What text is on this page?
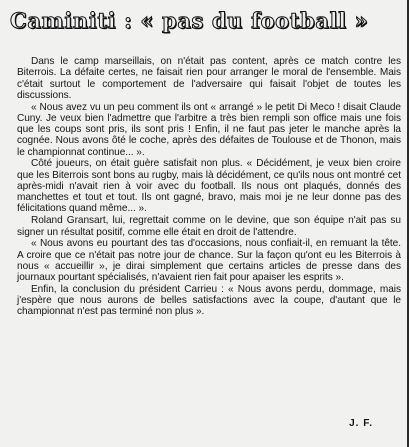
Caminiti : « pas du football »

Dans le camp marseillais, on n'était pas content, après ce match contre les Biterrois. La défaite certes, ne faisait rien pour arranger le moral de l'ensemble. Mais c'était surtout le comportement de l'adversaire qui faisait l'objet de toutes les discussions.

« Nous avez vu un peu comment ils ont « arrangé » le petit Di Meco ! disait Claude Cuny. Je veux bien l'admettre que l'arbitre a très bien rempli son office mais une fois que les coups sont pris, ils sont pris ! Enfin, il ne faut pas jeter le manche après la cognée. Nous avons ôté le coche, après des défaites de Toulouse et de Thonon, mais le championnat continue... ».

Côté joueurs, on était guère satisfait non plus. « Décidément, je veux bien croire que les Biterrois sont bons au rugby, mais là décidément, ce qu'ils nous ont montré cet après-midi n'avait rien à voir avec du football. Ils nous ont plaqués, donnés des manchettes et tout et tout. Ils ont gagné, bravo, mais moi je ne leur donne pas des félicitations quand même... ».

Roland Gransart, lui, regrettait comme on le devine, que son équipe n'ait pas su signer un résultat positif, comme elle était en droit de l'attendre.

« Nous avons eu pourtant des tas d'occasions, nous confiait-il, en remuant la tête. A croire que ce n'était pas notre jour de chance. Sur la façon qu'ont eu les Biterrois à nous « accueillir », je dirai simplement que certains articles de presse dans des journaux pourtant spécialisés, n'avaient rien fait pour apaiser les esprits ».

Enfin, la conclusion du président Carrieu : « Nous avons perdu, dommage, mais j'espère que nous aurons de belles satisfactions avec la coupe, d'autant que le championnat n'est pas terminé non plus ».

J. F.
